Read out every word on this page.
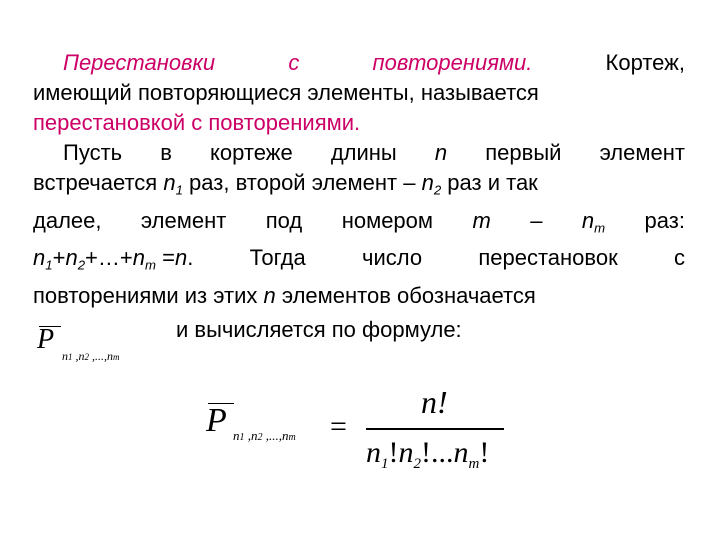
Перестановки	с	повторениями.	Кортеж,
имеющий повторяющиеся элементы, называется
перестановкой с повторениями.
Пусть в кортеже длины n первый элемент
встречается $n_1$ раз, второй элемент – $n_2$ раз и так
далее, элемент под номером m – $n_m$ раз:
$n_1+n_2+\dots+n_m =n$.	Тогда	число	перестановок	с
повторениями из этих n элементов обозначается
и вычисляется по формуле:
P
n1 ,n2 ,...,nm
P n1 ,n2 ,...,nm =
n!
$n_1!n_2!...n_m$!
